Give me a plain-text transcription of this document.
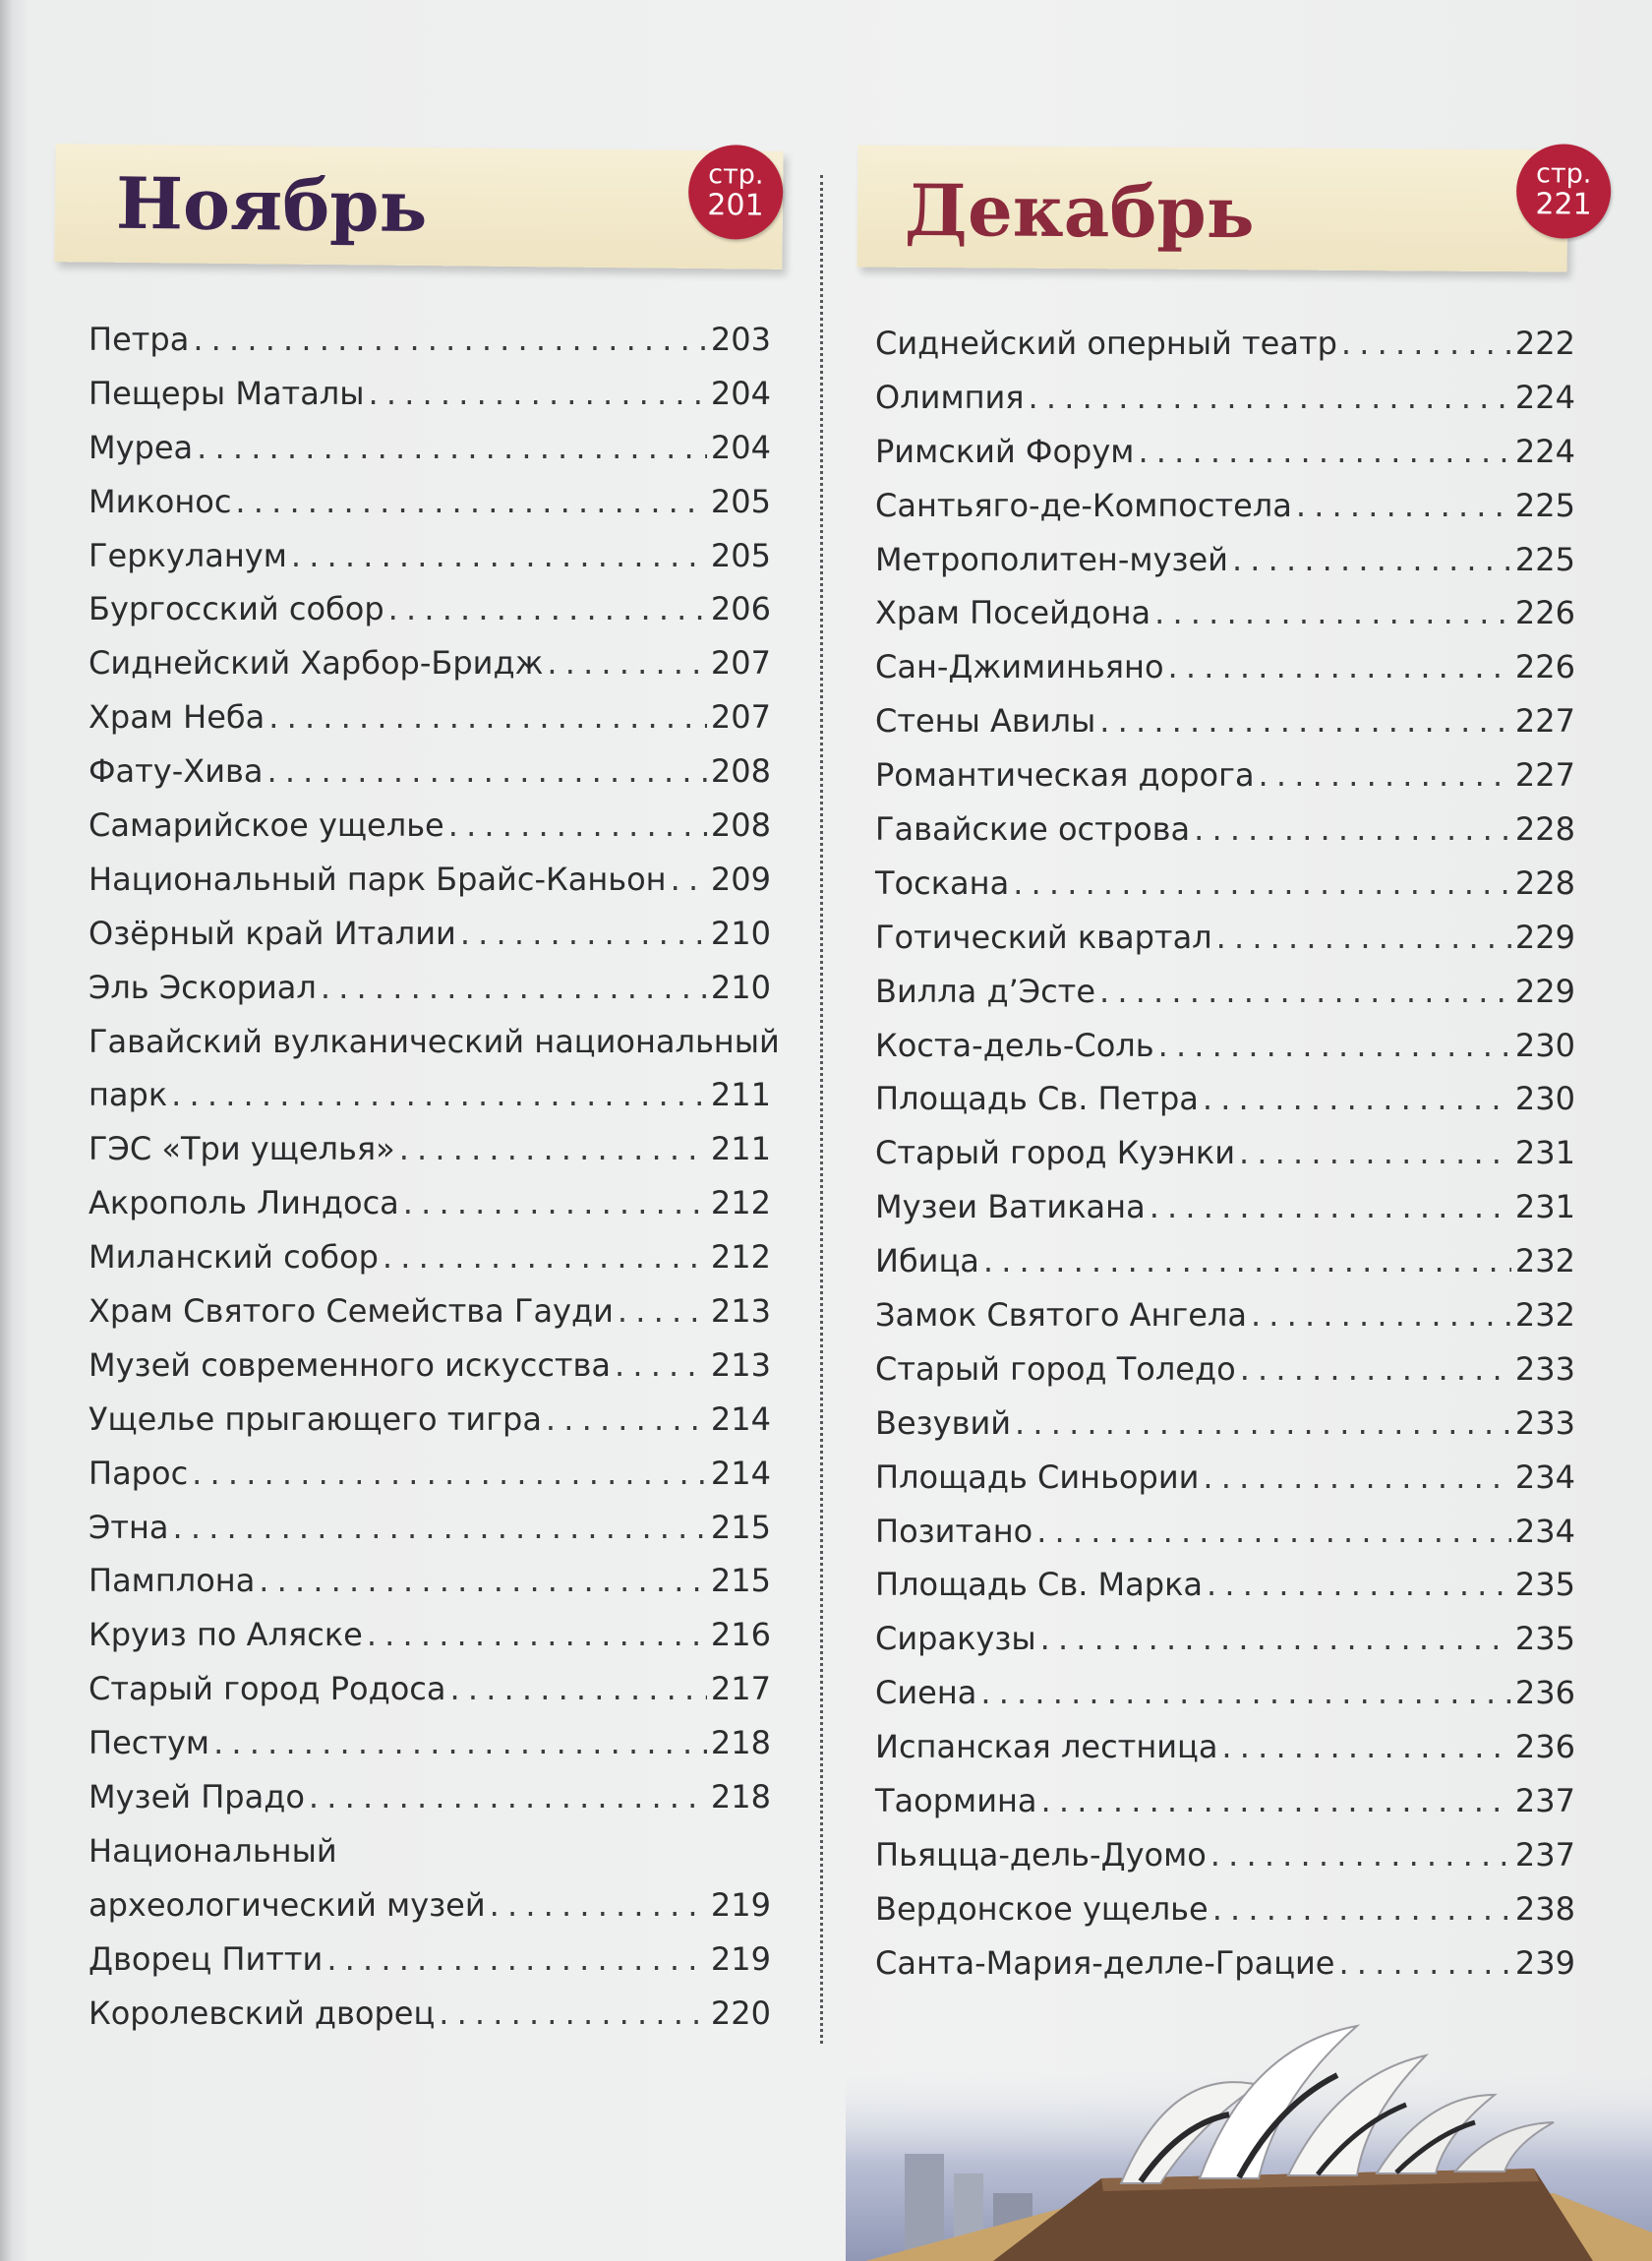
Ноябрь	стр.
201
Петра . . .	203
Пещеры Маталы . . .	204
Муреа . . .	204
Миконос . . .	205
Геркуланум . . .	205
Бургосский собор . . .	206
Сиднейский Харбор-Бридж . . .	207
Храм Неба . . .	207
Фату-Хива . . .	208
Самарийское ущелье . . .	208
Национальный парк Брайс-Каньон . . . 209
Озёрный край Италии . . .	210
Эль Эскориал . . .	210
Гавайский вулканический национальный
парк . . .	211
ГЭС «Три ущелья» . . .	211
Акрополь Линдоса . . .	212
Миланский собор . . .	212
Храм Святого Семейства Гауди . . .	213
Музей современного искусства . . .	213
Ущелье прыгающего тигра . . .	214
Парос . . .	214
Этна . . .	215
Памплона . . .	215
Круиз по Аляске . . .	216
Старый город Родоса . . .	217
Пестум . . .	218
Музей Прадо . . .	218
Национальный
археологический музей . . .	219
Дворец Питти . . .	219
Королевский дворец . . .	220
Декабрь	стр.
221
Сиднейский оперный театр . . .	222
Олимпия . . .	224
Римский Форум . . .	224
Сантьяго-де-Компостела . . .	225
Метрополитен-музей . . .	225
Храм Посейдона . . .	226
Сан-Джиминьяно . . .	226
Стены Авилы . . .	227
Романтическая дорога . . .	227
Гавайские острова . . .	228
Тоскана . . .	228
Готический квартал . . .	229
Вилла д’Эсте . . .	229
Коста-дель-Соль . . .	230
Площадь Св. Петра . . .	230
Старый город Куэнки . . .	231
Музеи Ватикана . . .	231
Ибица . . .	232
Замок Святого Ангела . . .	232
Старый город Толедо . . .	233
Везувий . . .	233
Площадь Синьории . . .	234
Позитано . . .	234
Площадь Св. Марка . . .	235
Сиракузы . . .	235
Сиена . . .	236
Испанская лестница . . .	236
Таормина . . .	237
Пьяцца-дель-Дуомо . . .	237
Вердонское ущелье . . .	238
Санта-Мария-делле-Грацие . . .	239
